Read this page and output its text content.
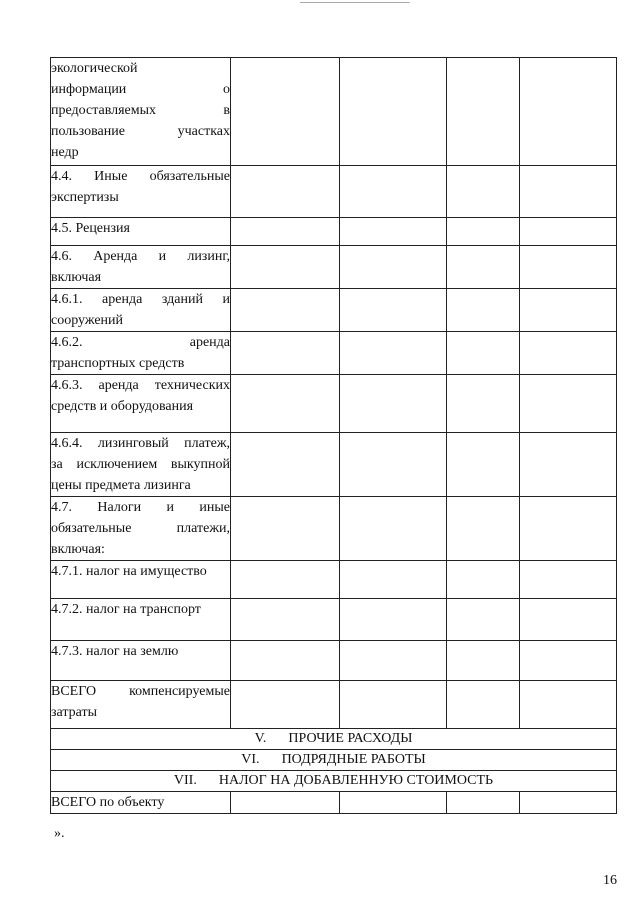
экологической
информации о
предоставляемых в
пользование участках
недр				

4.4. Иные обязательные
экспертизы				

4.5. Рецензия				

4.6. Аренда и лизинг,
включая				

4.6.1. аренда зданий и
сооружений				

4.6.2. аренда
транспортных средств				

4.6.3. аренда технических
средств и оборудования				

4.6.4. лизинговый платеж,
за исключением выкупной
цены предмета лизинга				

4.7. Налоги и иные
обязательные платежи,
включая:				

4.7.1. налог на имущество				

4.7.2. налог на транспорт				

4.7.3. налог на землю				

ВСЕГО компенсируемые
затраты				

V. ПРОЧИЕ РАСХОДЫ				
VI. ПОДРЯДНЫЕ РАБОТЫ				
VII. НАЛОГ НА ДОБАВЛЕННУЮ СТОИМОСТЬ				
ВСЕГО по объекту				
».
16
